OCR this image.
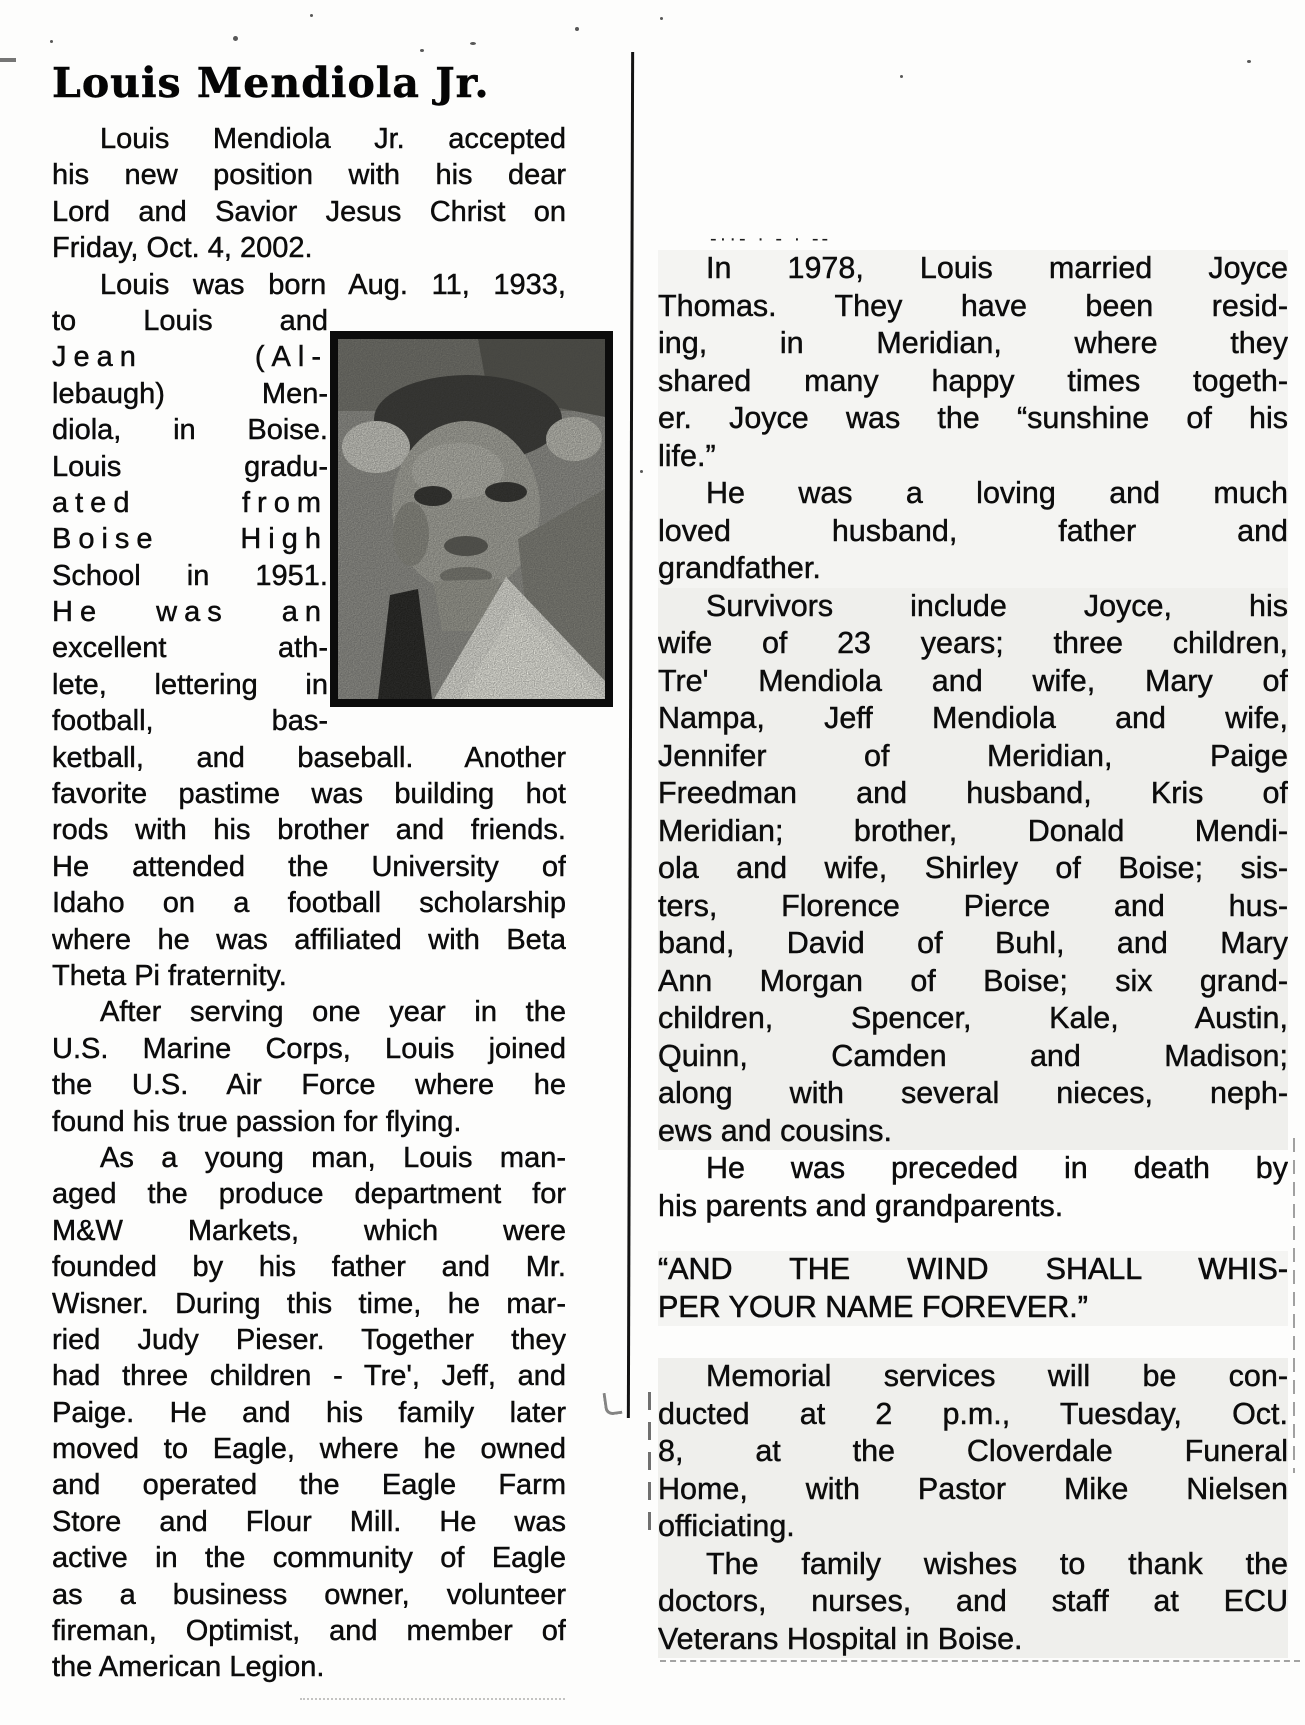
Louis Mendiola Jr.
Louis Mendiola Jr. accepted
his new position with his dear
Lord and Savior Jesus Christ on
Friday, Oct. 4, 2002.
Louis was born Aug. 11, 1933,
to Louis and
Jean (Al-
lebaugh) Men-
diola, in Boise.
Louis gradu-
ated from
Boise High
School in 1951.
He was an
excellent ath-
lete, lettering in
football, bas-
ketball, and baseball. Another
favorite pastime was building hot
rods with his brother and friends.
He attended the University of
Idaho on a football scholarship
where he was affiliated with Beta
Theta Pi fraternity.
After serving one year in the
U.S. Marine Corps, Louis joined
the U.S. Air Force where he
found his true passion for flying.
As a young man, Louis man-
aged the produce department for
M&W Markets, which were
founded by his father and Mr.
Wisner. During this time, he mar-
ried Judy Pieser. Together they
had three children - Tre', Jeff, and
Paige. He and his family later
moved to Eagle, where he owned
and operated the Eagle Farm
Store and Flour Mill. He was
active in the community of Eagle
as a business owner, volunteer
fireman, Optimist, and member of
the American Legion.
-··- · - · --
In 1978, Louis married Joyce
Thomas. They have been resid-
ing, in Meridian, where they
shared many happy times togeth-
er. Joyce was the “sunshine of his
life.”
He was a loving and much
loved husband, father and
grandfather.
Survivors include Joyce, his
wife of 23 years; three children,
Tre' Mendiola and wife, Mary of
Nampa, Jeff Mendiola and wife,
Jennifer of Meridian, Paige
Freedman and husband, Kris of
Meridian; brother, Donald Mendi-
ola and wife, Shirley of Boise; sis-
ters, Florence Pierce and hus-
band, David of Buhl, and Mary
Ann Morgan of Boise; six grand-
children, Spencer, Kale, Austin,
Quinn, Camden and Madison;
along with several nieces, neph-
ews and cousins.
He was preceded in death by
his parents and grandparents.
“AND THE WIND SHALL WHIS-
PER YOUR NAME FOREVER.”
Memorial services will be con-
ducted at 2 p.m., Tuesday, Oct.
8, at the Cloverdale Funeral
Home, with Pastor Mike Nielsen
officiating.
The family wishes to thank the
doctors, nurses, and staff at ECU
Veterans Hospital in Boise.
